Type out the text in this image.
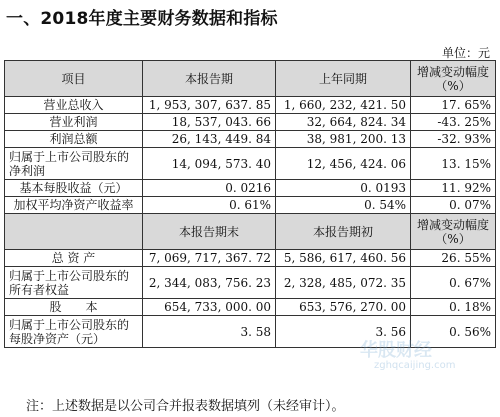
一、2018年度主要财务数据和指标
单位：元
项目	本报告期	上年同期	增减变动幅度（%）
营业总收入	1, 953, 307, 637. 85	1, 660, 232, 421. 50	17. 65%
营业利润	18, 537, 043. 66	32, 664, 824. 34	-43. 25%
利润总额	26, 143, 449. 84	38, 981, 200. 13	-32. 93%
归属于上市公司股东的净利润	14, 094, 573. 40	12, 456, 424. 06	13. 15%
基本每股收益（元）	0. 0216	0. 0193	11. 92%
加权平均净资产收益率	0. 61%	0. 54%	0. 07%
	本报告期末	本报告期初	增减变动幅度（%）
总 资 产	7, 069, 717, 367. 72	5, 586, 617, 460. 56	26. 55%
归属于上市公司股东的所有者权益	2, 344, 083, 756. 23	2, 328, 485, 072. 35	0. 67%
股　　本	654, 733, 000. 00	653, 576, 270. 00	0. 18%
归属于上市公司股东的每股净资产（元）	3. 58	3. 56	0. 56%
华股财经
zghqcaijing.com
注：上述数据是以公司合并报表数据填列（未经审计）。
